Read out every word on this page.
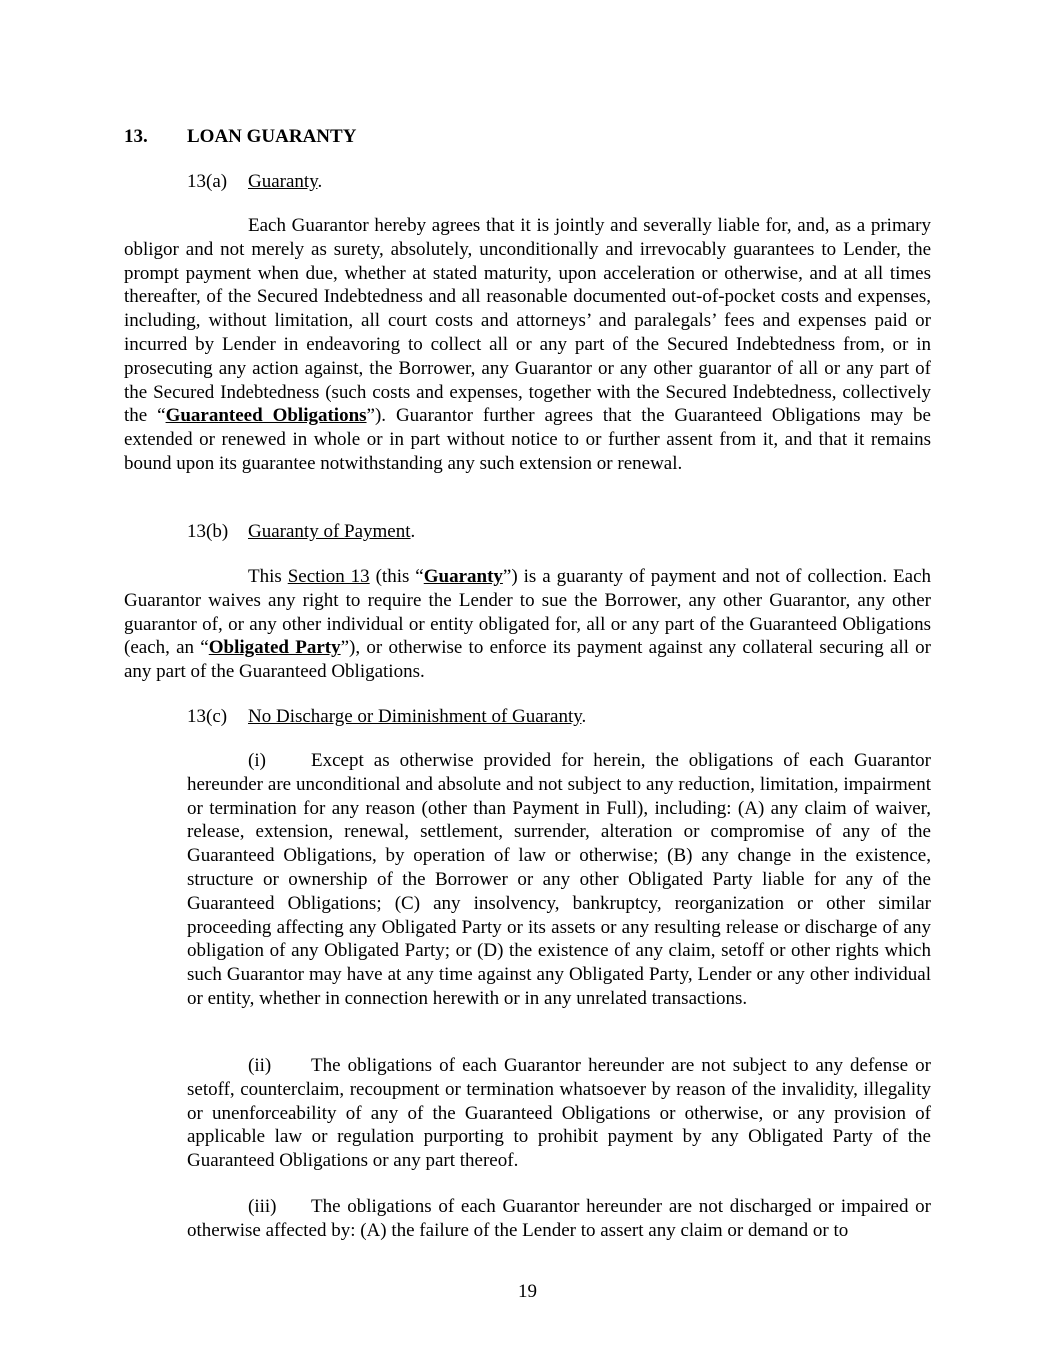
13. LOAN GUARANTY
13(a) Guaranty.
Each Guarantor hereby agrees that it is jointly and severally liable for, and, as a primary obligor and not merely as surety, absolutely, unconditionally and irrevocably guarantees to Lender, the prompt payment when due, whether at stated maturity, upon acceleration or otherwise, and at all times thereafter, of the Secured Indebtedness and all reasonable documented out-of-pocket costs and expenses, including, without limitation, all court costs and attorneys’ and paralegals’ fees and expenses paid or incurred by Lender in endeavoring to collect all or any part of the Secured Indebtedness from, or in prosecuting any action against, the Borrower, any Guarantor or any other guarantor of all or any part of the Secured Indebtedness (such costs and expenses, together with the Secured Indebtedness, collectively the “Guaranteed Obligations”). Guarantor further agrees that the Guaranteed Obligations may be extended or renewed in whole or in part without notice to or further assent from it, and that it remains bound upon its guarantee notwithstanding any such extension or renewal.
13(b) Guaranty of Payment.
This Section 13 (this “Guaranty”) is a guaranty of payment and not of collection. Each Guarantor waives any right to require the Lender to sue the Borrower, any other Guarantor, any other guarantor of, or any other individual or entity obligated for, all or any part of the Guaranteed Obligations (each, an “Obligated Party”), or otherwise to enforce its payment against any collateral securing all or any part of the Guaranteed Obligations.
13(c) No Discharge or Diminishment of Guaranty.
(i) Except as otherwise provided for herein, the obligations of each Guarantor hereunder are unconditional and absolute and not subject to any reduction, limitation, impairment or termination for any reason (other than Payment in Full), including: (A) any claim of waiver, release, extension, renewal, settlement, surrender, alteration or compromise of any of the Guaranteed Obligations, by operation of law or otherwise; (B) any change in the existence, structure or ownership of the Borrower or any other Obligated Party liable for any of the Guaranteed Obligations; (C) any insolvency, bankruptcy, reorganization or other similar proceeding affecting any Obligated Party or its assets or any resulting release or discharge of any obligation of any Obligated Party; or (D) the existence of any claim, setoff or other rights which such Guarantor may have at any time against any Obligated Party, Lender or any other individual or entity, whether in connection herewith or in any unrelated transactions.
(ii) The obligations of each Guarantor hereunder are not subject to any defense or setoff, counterclaim, recoupment or termination whatsoever by reason of the invalidity, illegality or unenforceability of any of the Guaranteed Obligations or otherwise, or any provision of applicable law or regulation purporting to prohibit payment by any Obligated Party of the Guaranteed Obligations or any part thereof.
(iii) The obligations of each Guarantor hereunder are not discharged or impaired or otherwise affected by: (A) the failure of the Lender to assert any claim or demand or to
19
